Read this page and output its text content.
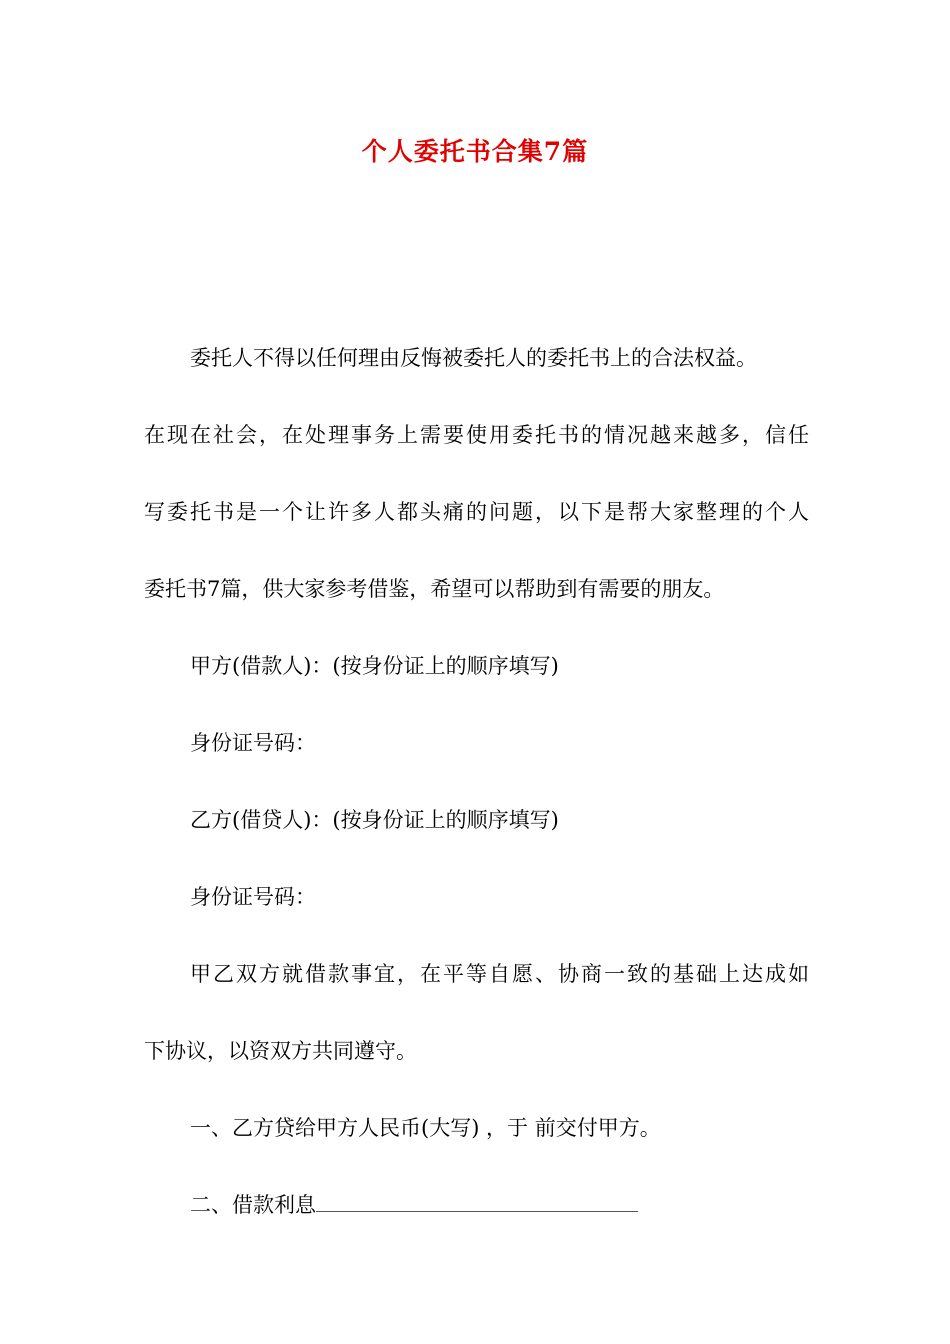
个人委托书合集7篇

委托人不得以任何理由反悔被委托人的委托书上的合法权益。

在现在社会，在处理事务上需要使用委托书的情况越来越多，信任

写委托书是一个让许多人都头痛的问题，以下是帮大家整理的个人

委托书7篇，供大家参考借鉴，希望可以帮助到有需要的朋友。

甲方(借款人)：(按身份证上的顺序填写)

身份证号码：

乙方(借贷人)：(按身份证上的顺序填写)

身份证号码：

甲乙双方就借款事宜，在平等自愿、协商一致的基础上达成如

下协议，以资双方共同遵守。

一、乙方贷给甲方人民币(大写) ，于 前交付甲方。

二、借款利息
